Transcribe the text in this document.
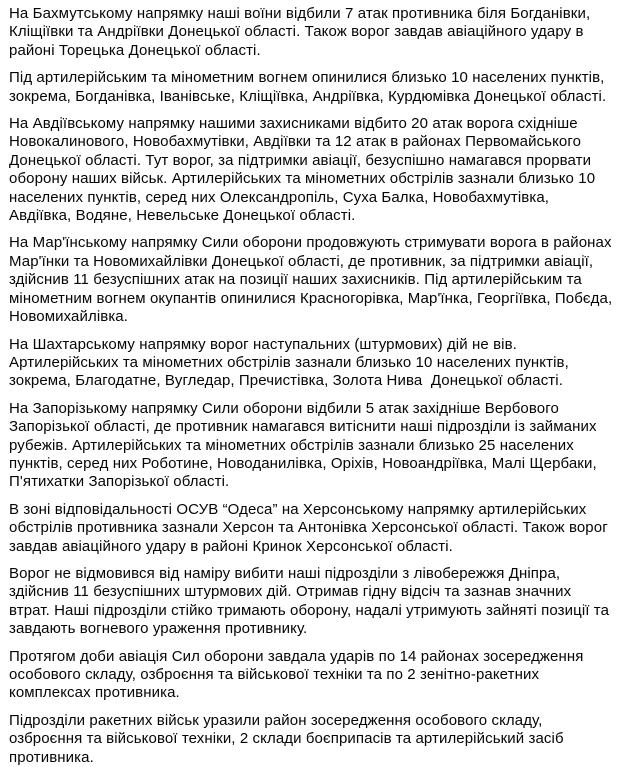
На Бахмутському напрямку наші воїни відбили 7 атак противника біля Богданівки, Кліщіївки та Андріївки Донецької області. Також ворог завдав авіаційного удару в районі Торецька Донецької області.

Під артилерійським та мінометним вогнем опинилися близько 10 населених пунктів, зокрема, Богданівка, Іванівське, Кліщіївка, Андріївка, Курдюмівка Донецької області.

На Авдіївському напрямку нашими захисниками відбито 20 атак ворога східніше Новокалинового, Новобахмутівки, Авдіївки та 12 атак в районах Первомайського Донецької області. Тут ворог, за підтримки авіації, безуспішно намагався прорвати оборону наших військ. Артилерійських та мінометних обстрілів зазнали близько 10 населених пунктів, серед них Олександропіль, Суха Балка, Новобахмутівка, Авдіївка, Водяне, Невельське Донецької області.

На Мар'їнському напрямку Сили оборони продовжують стримувати ворога в районах Мар'їнки та Новомихайлівки Донецької області, де противник, за підтримки авіації, здійснив 11 безуспішних атак на позиції наших захисників. Під артилерійським та мінометним вогнем окупантів опинилися Красногорівка, Мар'їнка, Георгіївка, Побєда, Новомихайлівка.

На Шахтарському напрямку ворог наступальних (штурмових) дій не вів. Артилерійських та мінометних обстрілів зазнали близько 10 населених пунктів, зокрема, Благодатне, Вугледар, Пречистівка, Золота Нива  Донецької області.

На Запорізькому напрямку Сили оборони відбили 5 атак західніше Вербового Запорізької області, де противник намагався витіснити наші підрозділи із займаних рубежів. Артилерійських та мінометних обстрілів зазнали близько 25 населених пунктів, серед них Роботине, Новоданилівка, Оріхів, Новоандріївка, Малі Щербаки, П'ятихатки Запорізької області.

В зоні відповідальності ОСУВ “Одеса” на Херсонському напрямку артилерійських обстрілів противника зазнали Херсон та Антонівка Херсонської області. Також ворог завдав авіаційного удару в районі Кринок Херсонської області.

Ворог не відмовився від наміру вибити наші підрозділи з лівобережжя Дніпра, здійснив 11 безуспішних штурмових дій. Отримав гідну відсіч та зазнав значних втрат. Наші підрозділи стійко тримають оборону, надалі утримують зайняті позиції та завдають вогневого ураження противнику.

Протягом доби авіація Сил оборони завдала ударів по 14 районах зосередження особового складу, озброєння та військової техніки та по 2 зенітно-ракетних комплексах противника.

Підрозділи ракетних військ уразили район зосередження особового складу, озброєння та військової техніки, 2 склади боєприпасів та артилерійський засіб противника.
